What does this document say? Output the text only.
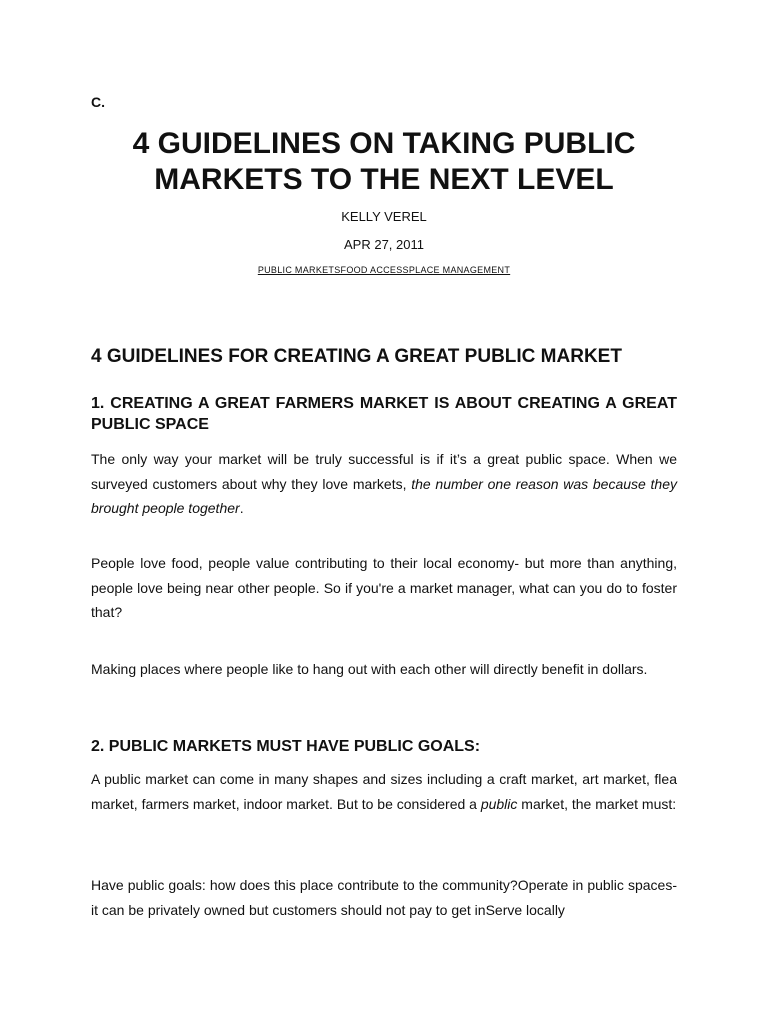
C.
4 GUIDELINES ON TAKING PUBLIC MARKETS TO THE NEXT LEVEL
KELLY VEREL
APR 27, 2011
PUBLIC MARKETSFOOD ACCESSPLACE MANAGEMENT
4 GUIDELINES FOR CREATING A GREAT PUBLIC MARKET
1. CREATING A GREAT FARMERS MARKET IS ABOUT CREATING A GREAT PUBLIC SPACE

The only way your market will be truly successful is if it’s a great public space. When we surveyed customers about why they love markets, the number one reason was because they brought people together.

People love food, people value contributing to their local economy- but more than anything, people love being near other people. So if you're a market manager, what can you do to foster that?

Making places where people like to hang out with each other will directly benefit in dollars.

2. PUBLIC MARKETS MUST HAVE PUBLIC GOALS:

A public market can come in many shapes and sizes including a craft market, art market, flea market, farmers market, indoor market. But to be considered a public market, the market must:

Have public goals: how does this place contribute to the community?Operate in public spaces- it can be privately owned but customers should not pay to get inServe locally
